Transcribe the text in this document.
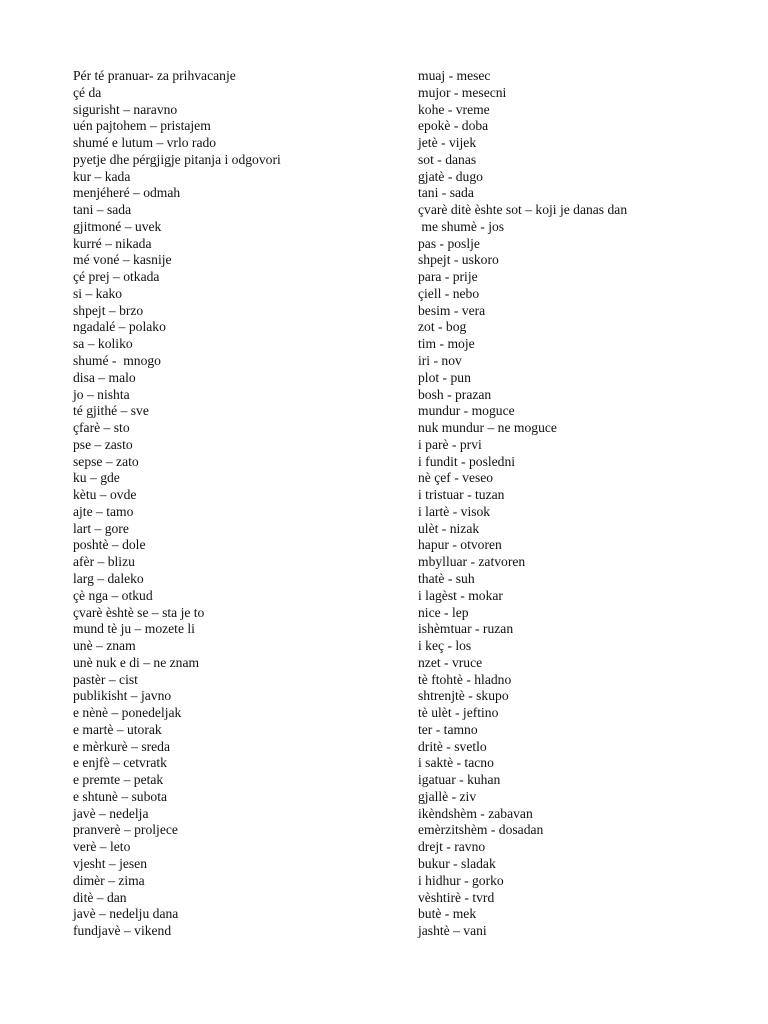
Pér té pranuar- za prihvacanje
çé da
sigurisht – naravno
uén pajtohem – pristajem
shumé e lutum – vrlo rado
pyetje dhe pérgjigje pitanja i odgovori
kur – kada
menjéheré – odmah
tani – sada
gjitmoné – uvek
kurré – nikada
mé voné – kasnije
çé prej – otkada
si – kako
shpejt – brzo
ngadalé – polako
sa – koliko
shumé -  mnogo
disa – malo
jo – nishta
té gjithé – sve
çfarè – sto
pse – zasto
sepse – zato
ku – gde
kètu – ovde
ajte – tamo
lart – gore
poshtè – dole
afèr – blizu
larg – daleko
çè nga – otkud
çvarè èshtè se – sta je to
mund tè ju – mozete li
unè – znam
unè nuk e di – ne znam
pastèr – cist
publikisht – javno
e nènè – ponedeljak
e martè – utorak
e mèrkurè – sreda
e enjfè – cetvratk
e premte – petak
e shtunè – subota
javè – nedelja
pranverè – proljece
verè – leto
vjesht – jesen
dimèr – zima
ditè – dan
javè – nedelju dana
fundjavè – vikend
muaj - mesec
mujor - mesecni
kohe - vreme
epokè - doba
jetè - vijek
sot - danas
gjatè - dugo
tani - sada
çvarè ditè èshte sot – koji je danas dan
me shumè - jos
pas - poslje
shpejt - uskoro
para - prije
çiell - nebo
besim - vera
zot - bog
tim - moje
iri - nov
plot - pun
bosh - prazan
mundur - moguce
nuk mundur – ne moguce
i parè - prvi
i fundit - posledni
nè çef - veseo
i tristuar - tuzan
i lartè - visok
ulèt - nizak
hapur - otvoren
mbylluar - zatvoren
thatè - suh
i lagèst - mokar
nice - lep
ishèmtuar - ruzan
i keç - los
nzet - vruce
tè ftohtè - hladno
shtrenjtè - skupo
tè ulèt - jeftino
ter - tamno
dritè - svetlo
i saktè - tacno
igatuar - kuhan
gjallè - ziv
ikèndshèm - zabavan
emèrzitshèm - dosadan
drejt - ravno
bukur - sladak
i hidhur - gorko
vèshtirè - tvrd
butè - mek
jashtè – vani
